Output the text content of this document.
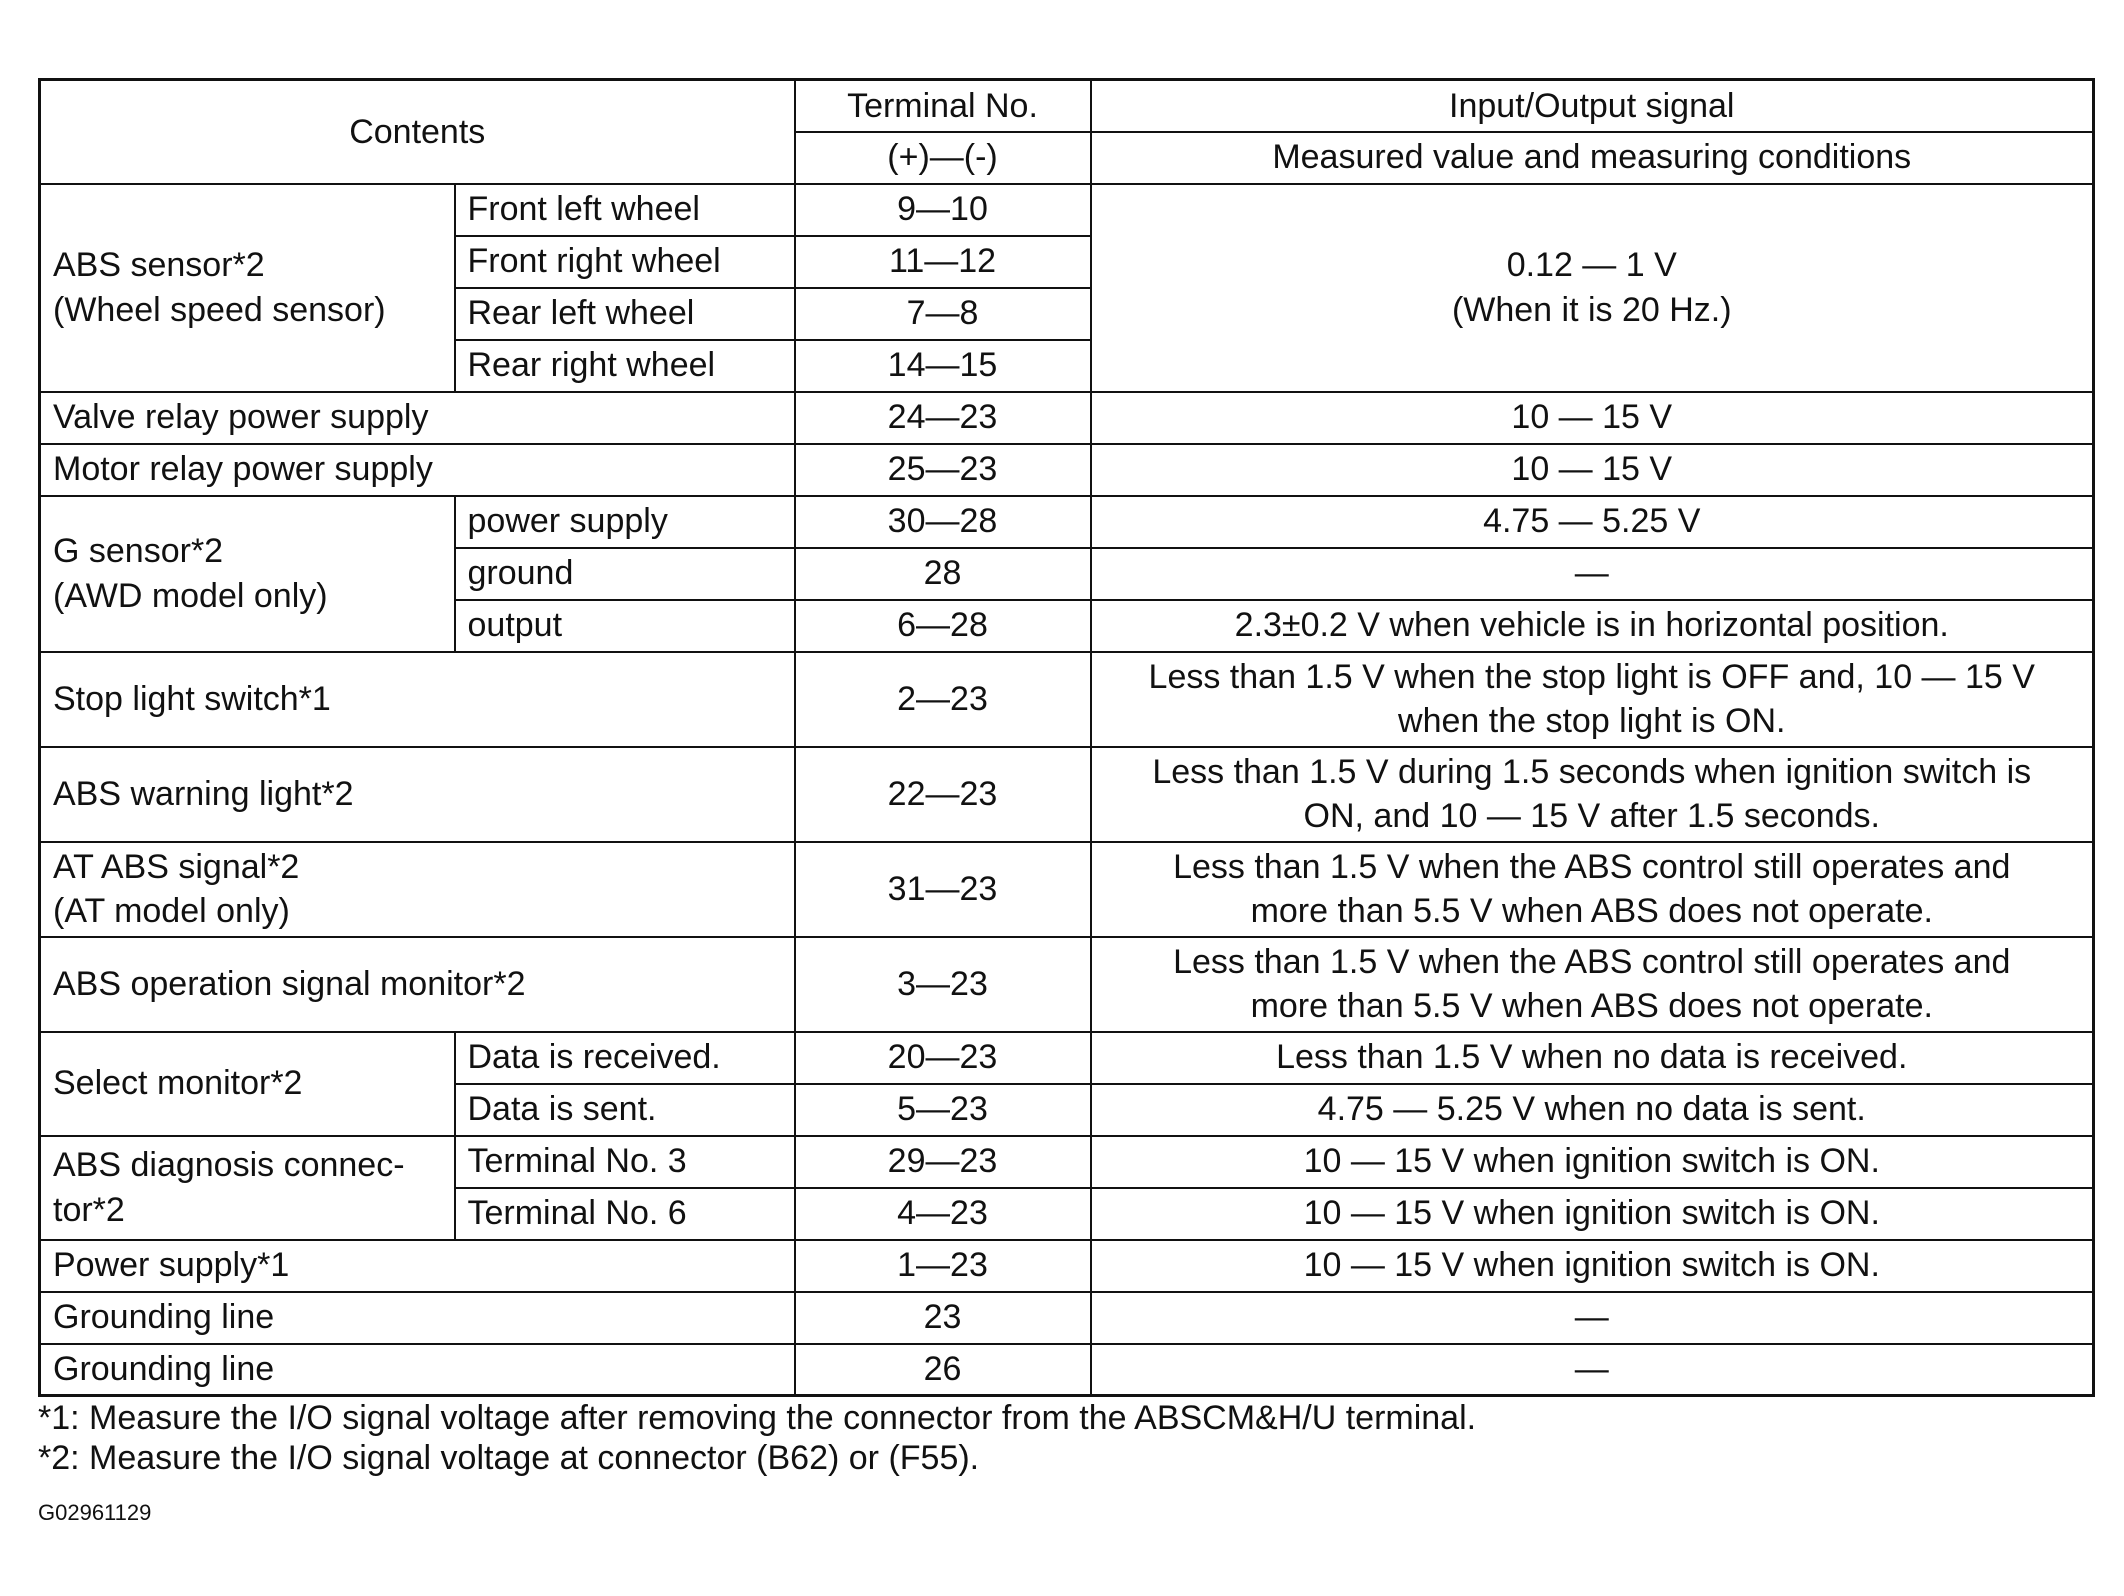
Contents		Terminal No.	Input/Output signal
		(+)—(-)	Measured value and measuring conditions

ABS sensor*2
(Wheel speed sensor)	Front left wheel	9—10	0.12 — 1 V
(When it is 20 Hz.)

	Front right wheel	11—12	
	Rear left wheel	7—8	
	Rear right wheel	14—15	
Valve relay power supply		24—23	10 — 15 V
Motor relay power supply		25—23	10 — 15 V

G sensor*2
(AWD model only)	power supply	30—28	4.75 — 5.25 V
	ground	28	—
	output	6—28	2.3±0.2 V when vehicle is in horizontal position.
Stop light switch*1		2—23	Less than 1.5 V when the stop light is OFF and, 10 — 15 V
when the stop light is ON.

ABS warning light*2		22—23	Less than 1.5 V during 1.5 seconds when ignition switch is
ON, and 10 — 15 V after 1.5 seconds.

AT ABS signal*2
(AT model only)		31—23	Less than 1.5 V when the ABS control still operates and
more than 5.5 V when ABS does not operate.

ABS operation signal monitor*2		3—23	Less than 1.5 V when the ABS control still operates and
more than 5.5 V when ABS does not operate.

Select monitor*2	Data is received.	20—23	Less than 1.5 V when no data is received.
	Data is sent.	5—23	4.75 — 5.25 V when no data is sent.

ABS diagnosis connec-
tor*2	Terminal No. 3	29—23	10 — 15 V when ignition switch is ON.
	Terminal No. 6	4—23	10 — 15 V when ignition switch is ON.
Power supply*1		1—23	10 — 15 V when ignition switch is ON.
Grounding line		23	—
Grounding line		26	—
*1: Measure the I/O signal voltage after removing the connector from the ABSCM&H/U terminal.
*2: Measure the I/O signal voltage at connector (B62) or (F55).
G02961129
